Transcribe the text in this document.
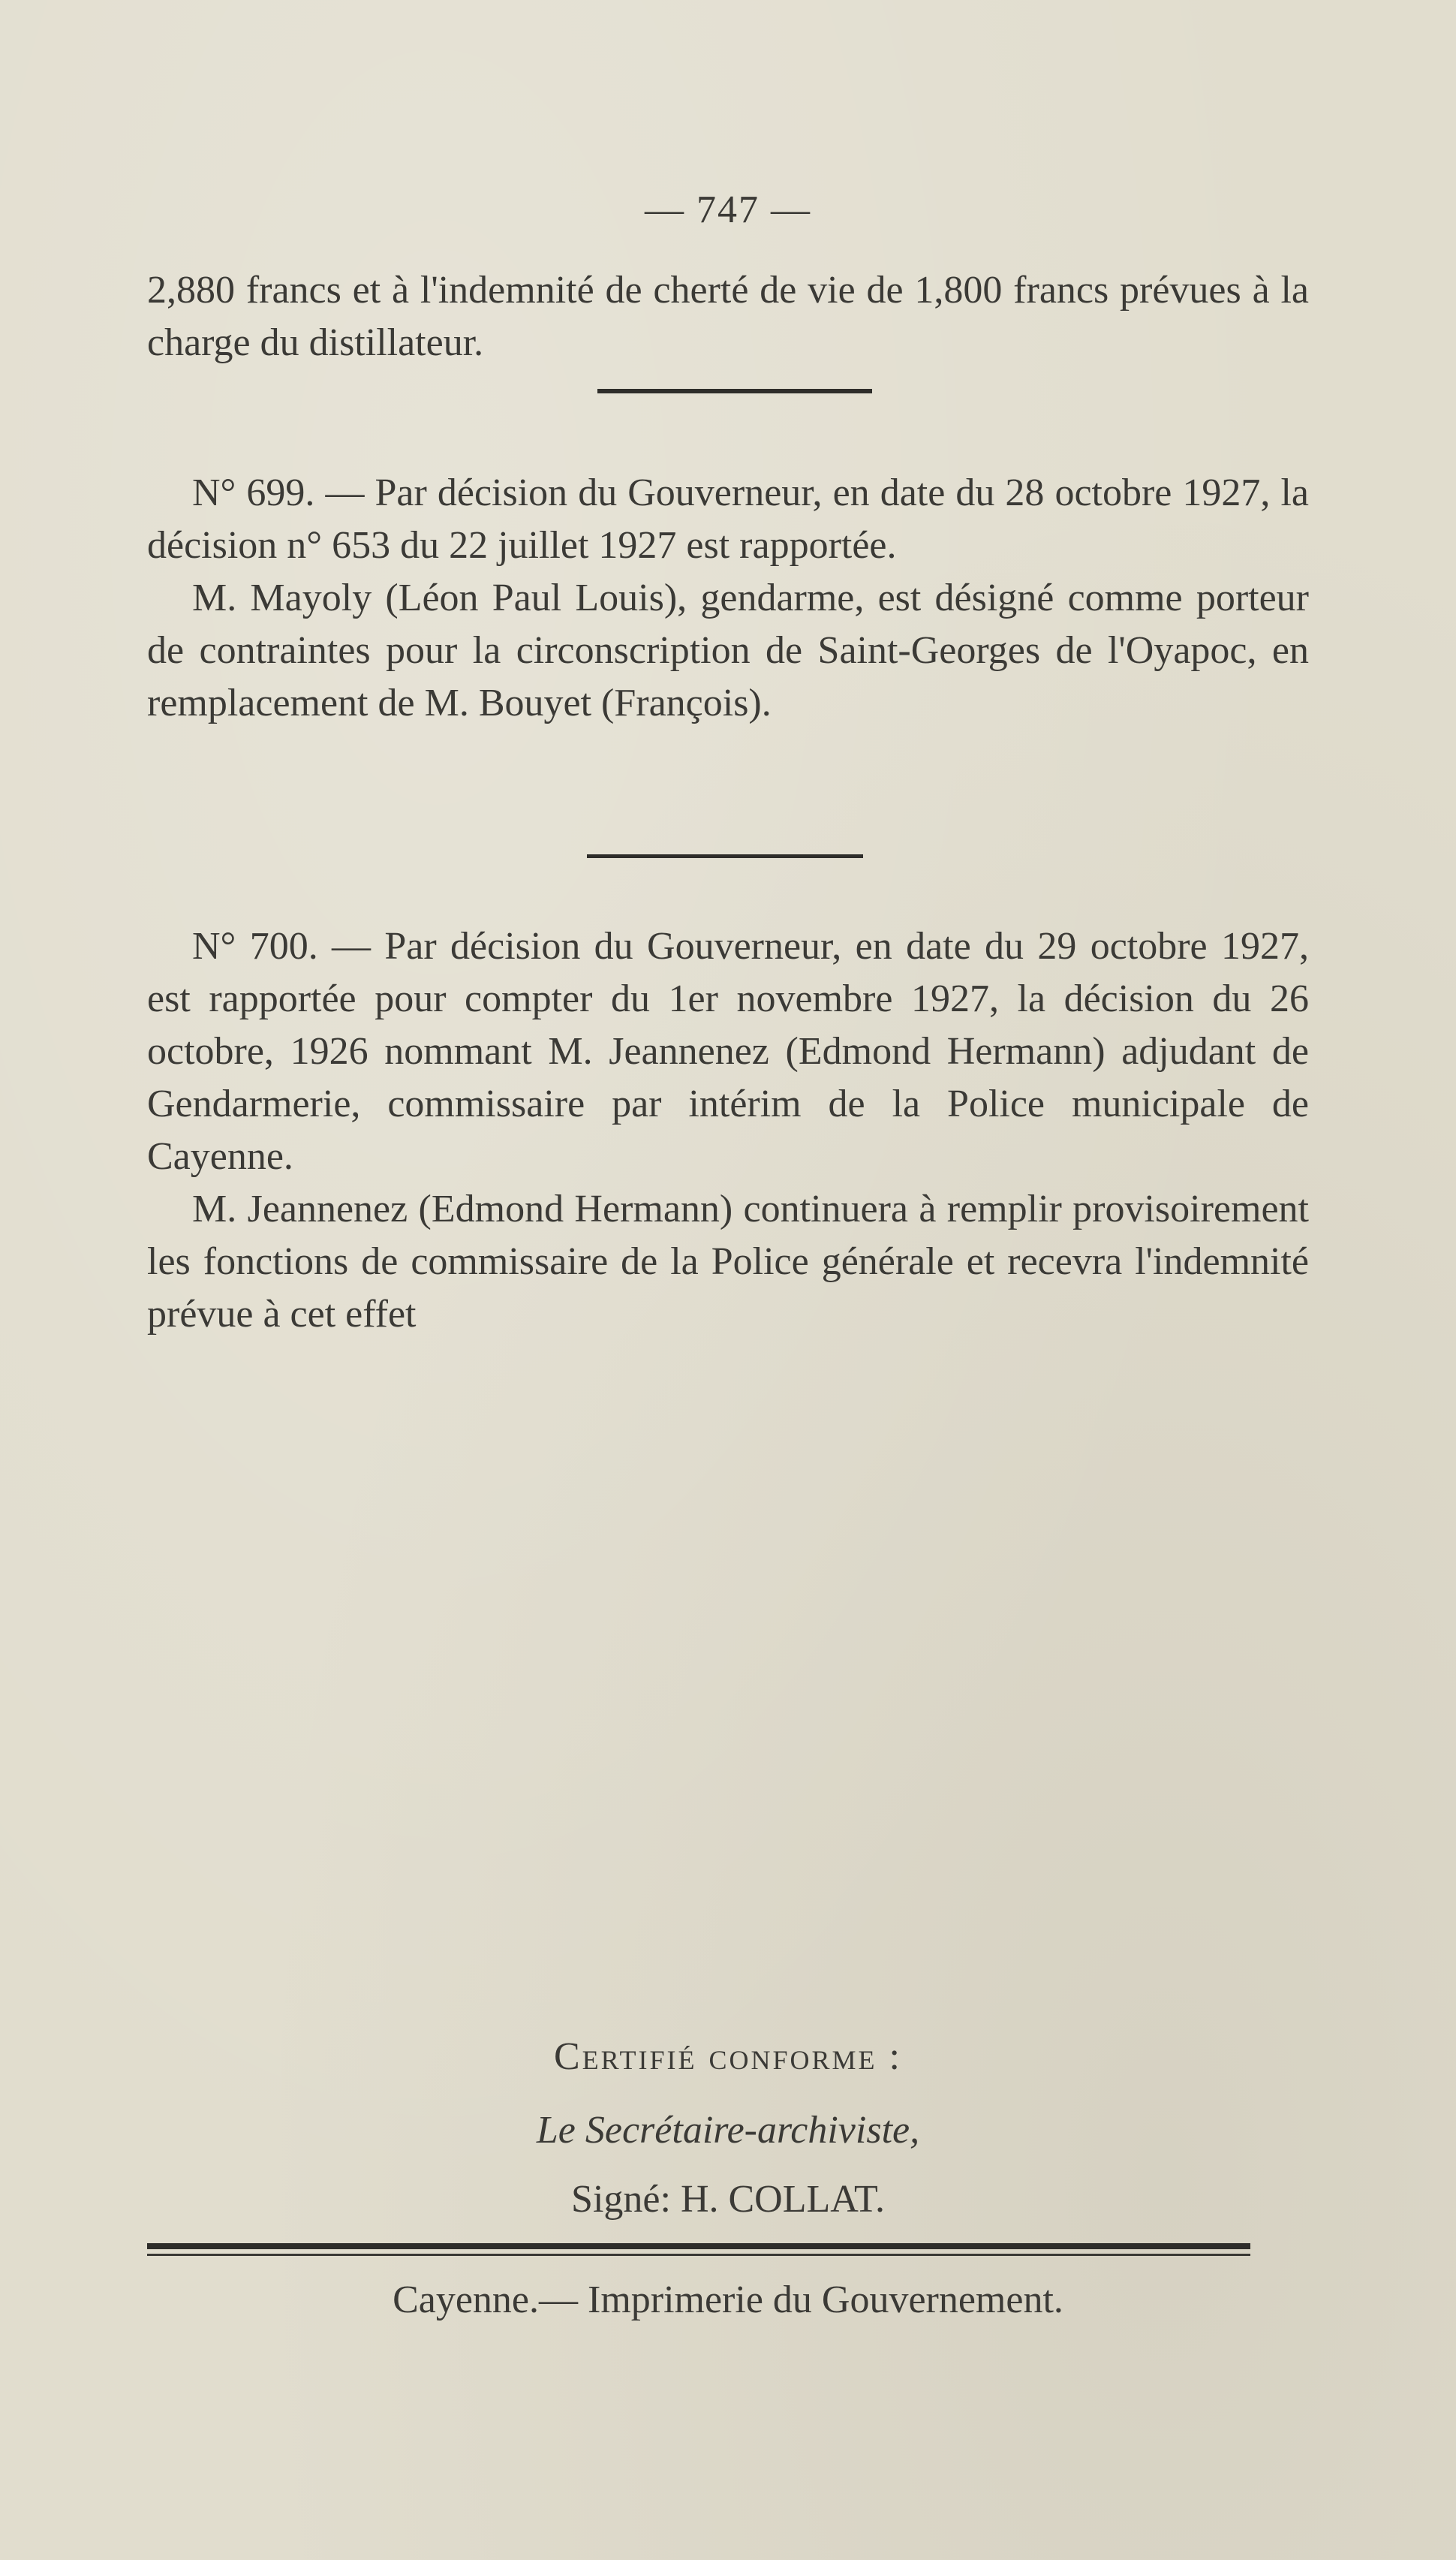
— 747 —

2,880 francs et à l'indemnité de cherté de vie de 1,800 francs prévues à la charge du distillateur.

N° 699. — Par décision du Gouverneur, en date du 28 octobre 1927, la décision n° 653 du 22 juillet 1927 est rapportée.

M. Mayoly (Léon Paul Louis), gendarme, est désigné comme porteur de contraintes pour la circonscription de Saint-Georges de l'Oyapoc, en remplacement de M. Bouyet (François).

N° 700. — Par décision du Gouverneur, en date du 29 octobre 1927, est rapportée pour compter du 1er novembre 1927, la décision du 26 octobre, 1926 nommant M. Jeannenez (Edmond Hermann) adjudant de Gendarmerie, commissaire par intérim de la Police municipale de Cayenne.

M. Jeannenez (Edmond Hermann) continuera à remplir provisoirement les fonctions de commissaire de la Police générale et recevra l'indemnité prévue à cet effet

Certifié conforme :
Le Secrétaire-archiviste,
Signé: H. COLLAT.
Cayenne.— Imprimerie du Gouvernement.
